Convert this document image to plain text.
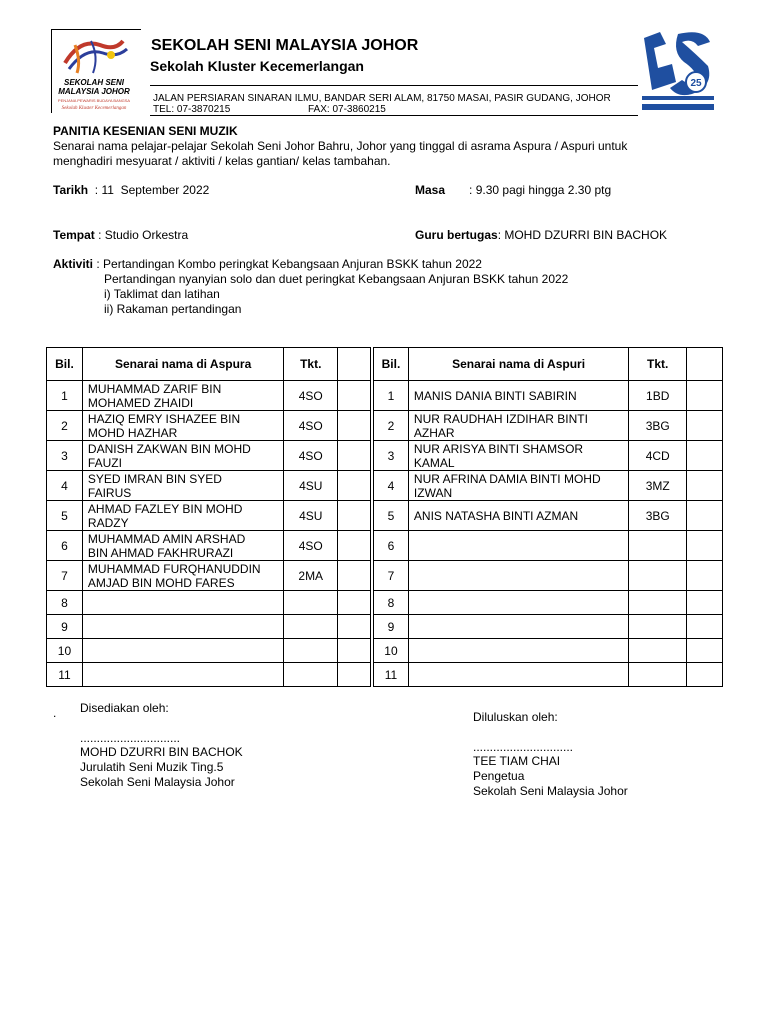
SEKOLAH SENI
MALAYSIA JOHOR
PENJANA PEWARIS BUDAYA BANGSA
Sekolah Kluster Kecemerlangan
SEKOLAH SENI MALAYSIA JOHOR
Sekolah Kluster Kecemerlangan
JALAN PERSIARAN SINARAN ILMU, BANDAR SERI ALAM, 81750 MASAI, PASIR GUDANG, JOHOR
TEL: 07-3870215	FAX: 07-3860215
25
PANITIA KESENIAN SENI MUZIK
Senarai nama pelajar-pelajar Sekolah Seni Johor Bahru, Johor yang tinggal di asrama Aspura / Aspuri untuk
menghadiri mesyuarat / aktiviti / kelas gantian/ kelas tambahan.
Tarikh  : 11  September 2022	Masa   : 9.30 pagi hingga 2.30 ptg
Tempat : Studio Orkestra	Guru bertugas: MOHD DZURRI BIN BACHOK
Aktiviti : Pertandingan Kombo peringkat Kebangsaan Anjuran BSKK tahun 2022
Pertandingan nyanyian solo dan duet peringkat Kebangsaan Anjuran BSKK tahun 2022
i) Taklimat dan latihan
ii) Rakaman pertandingan
Bil.	Senarai nama di Aspura	Tkt.	
1	MUHAMMAD ZARIF BIN
MOHAMED ZHAIDI	4SO	
2	HAZIQ EMRY ISHAZEE BIN
MOHD HAZHAR	4SO	
3	DANISH ZAKWAN BIN MOHD
FAUZI	4SO	
4	SYED IMRAN BIN SYED
FAIRUS	4SU	
5	AHMAD FAZLEY BIN MOHD
RADZY	4SU	
6	MUHAMMAD AMIN ARSHAD
BIN AHMAD FAKHRURAZI	4SO	
7	MUHAMMAD FURQHANUDDIN
AMJAD BIN MOHD FARES	2MA	
8	

9	

10	

11	

Bil.	Senarai nama di Aspuri	Tkt.	
1	MANIS DANIA BINTI SABIRIN	1BD	
2	NUR RAUDHAH IZDIHAR BINTI
AZHAR	3BG	
3	NUR ARISYA BINTI SHAMSOR
KAMAL	4CD	
4	NUR AFRINA DAMIA BINTI MOHD
IZWAN	3MZ	
5	ANIS NATASHA BINTI AZMAN	3BG	
6	

7	

8	

9	

10	

11	

. Disediakan oleh:
..............................
MOHD DZURRI BIN BACHOK
Jurulatih Seni Muzik Ting.5
Sekolah Seni Malaysia Johor
Diluluskan oleh:
..............................
TEE TIAM CHAI
Pengetua
Sekolah Seni Malaysia Johor
